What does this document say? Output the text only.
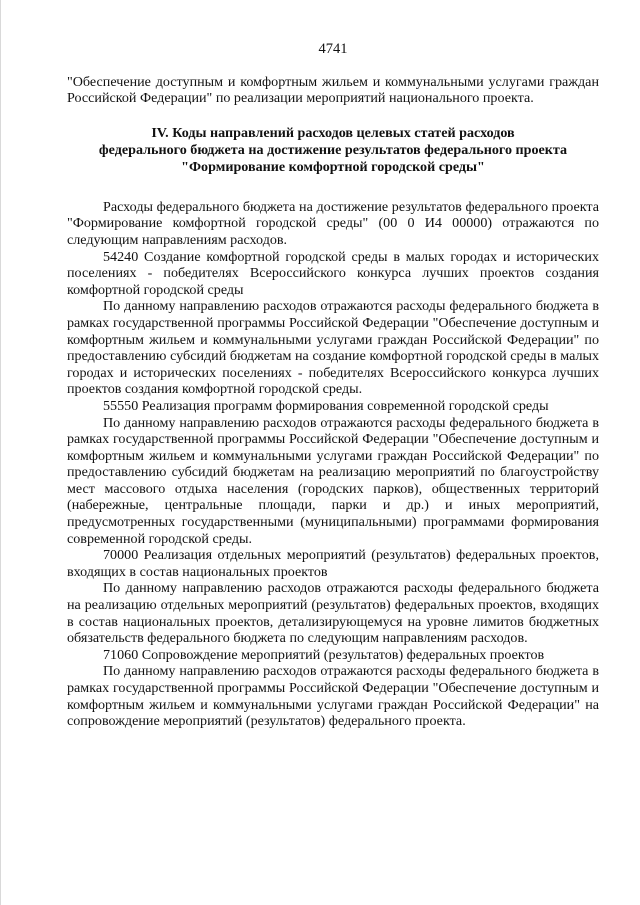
4741

"Обеспечение доступным и комфортным жильем и коммунальными услугами граждан Российской Федерации" по реализации мероприятий национального проекта.

IV. Коды направлений расходов целевых статей расходов
федерального бюджета на достижение результатов федерального проекта
"Формирование комфортной городской среды"

Расходы федерального бюджета на достижение результатов федерального проекта "Формирование комфортной городской среды" (00 0 И4 00000) отражаются по следующим направлениям расходов.

54240 Создание комфортной городской среды в малых городах и исторических поселениях - победителях Всероссийского конкурса лучших проектов создания комфортной городской среды

По данному направлению расходов отражаются расходы федерального бюджета в рамках государственной программы Российской Федерации "Обеспечение доступным и комфортным жильем и коммунальными услугами граждан Российской Федерации" по предоставлению субсидий бюджетам на создание комфортной городской среды в малых городах и исторических поселениях - победителях Всероссийского конкурса лучших проектов создания комфортной городской среды.

55550 Реализация программ формирования современной городской среды

По данному направлению расходов отражаются расходы федерального бюджета в рамках государственной программы Российской Федерации "Обеспечение доступным и комфортным жильем и коммунальными услугами граждан Российской Федерации" по предоставлению субсидий бюджетам на реализацию мероприятий по благоустройству мест массового отдыха населения (городских парков), общественных территорий (набережные, центральные площади, парки и др.) и иных мероприятий, предусмотренных государственными (муниципальными) программами формирования современной городской среды.

70000 Реализация отдельных мероприятий (результатов) федеральных проектов, входящих в состав национальных проектов

По данному направлению расходов отражаются расходы федерального бюджета на реализацию отдельных мероприятий (результатов) федеральных проектов, входящих в состав национальных проектов, детализирующемуся на уровне лимитов бюджетных обязательств федерального бюджета по следующим направлениям расходов.

71060 Сопровождение мероприятий (результатов) федеральных проектов

По данному направлению расходов отражаются расходы федерального бюджета в рамках государственной программы Российской Федерации "Обеспечение доступным и комфортным жильем и коммунальными услугами граждан Российской Федерации" на сопровождение мероприятий (результатов) федерального проекта.
